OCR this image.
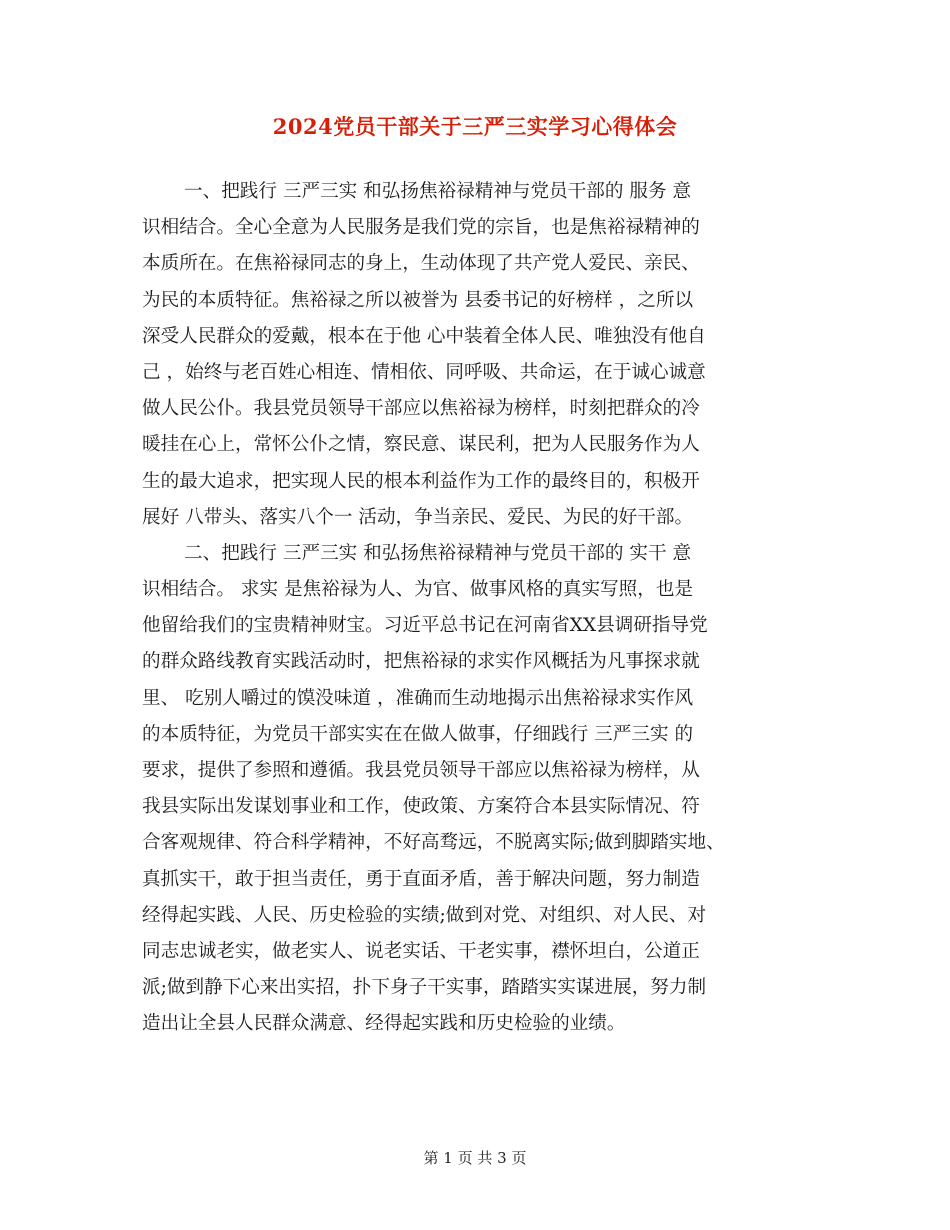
2024党员干部关于三严三实学习心得体会
一、把践行 三严三实 和弘扬焦裕禄精神与党员干部的 服务 意
识相结合。全心全意为人民服务是我们党的宗旨，也是焦裕禄精神的
本质所在。在焦裕禄同志的身上，生动体现了共产党人爱民、亲民、
为民的本质特征。焦裕禄之所以被誉为 县委书记的好榜样 ，之所以
深受人民群众的爱戴，根本在于他 心中装着全体人民、唯独没有他自
己 ，始终与老百姓心相连、情相依、同呼吸、共命运，在于诚心诚意
做人民公仆。我县党员领导干部应以焦裕禄为榜样，时刻把群众的冷
暖挂在心上，常怀公仆之情，察民意、谋民利，把为人民服务作为人
生的最大追求，把实现人民的根本利益作为工作的最终目的，积极开
展好 八带头、落实八个一 活动，争当亲民、爱民、为民的好干部。
二、把践行 三严三实 和弘扬焦裕禄精神与党员干部的 实干 意
识相结合。 求实 是焦裕禄为人、为官、做事风格的真实写照，也是
他留给我们的宝贵精神财宝。习近平总书记在河南省XX县调研指导党
的群众路线教育实践活动时，把焦裕禄的求实作风概括为凡事探求就
里、 吃别人嚼过的馍没味道 ，准确而生动地揭示出焦裕禄求实作风
的本质特征，为党员干部实实在在做人做事，仔细践行 三严三实 的
要求，提供了参照和遵循。我县党员领导干部应以焦裕禄为榜样，从
我县实际出发谋划事业和工作，使政策、方案符合本县实际情况、符
合客观规律、符合科学精神，不好高骛远，不脱离实际;做到脚踏实地、
真抓实干，敢于担当责任，勇于直面矛盾，善于解决问题，努力制造
经得起实践、人民、历史检验的实绩;做到对党、对组织、对人民、对
同志忠诚老实，做老实人、说老实话、干老实事，襟怀坦白，公道正
派;做到静下心来出实招，扑下身子干实事，踏踏实实谋进展，努力制
造出让全县人民群众满意、经得起实践和历史检验的业绩。
第 1 页 共 3 页
